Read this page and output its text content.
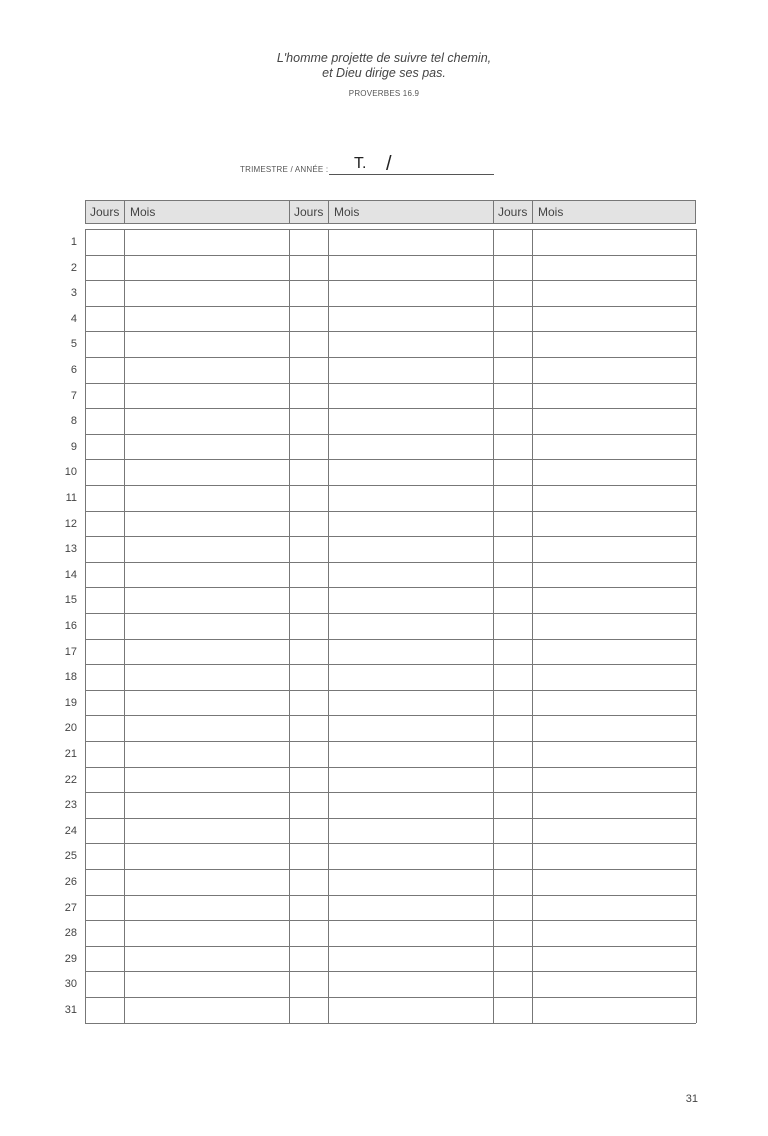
L'homme projette de suivre tel chemin,
et Dieu dirige ses pas.
PROVERBES 16.9
TRIMESTRE / ANNÉE : T. /
Jours Mois	Jours Mois	Jours Mois
1
2
3
4
5
6
7
8
9
10
11
12
13
14
15
16
17
18
19
20
21
22
23
24
25
26
27
28
29
30
31
31
